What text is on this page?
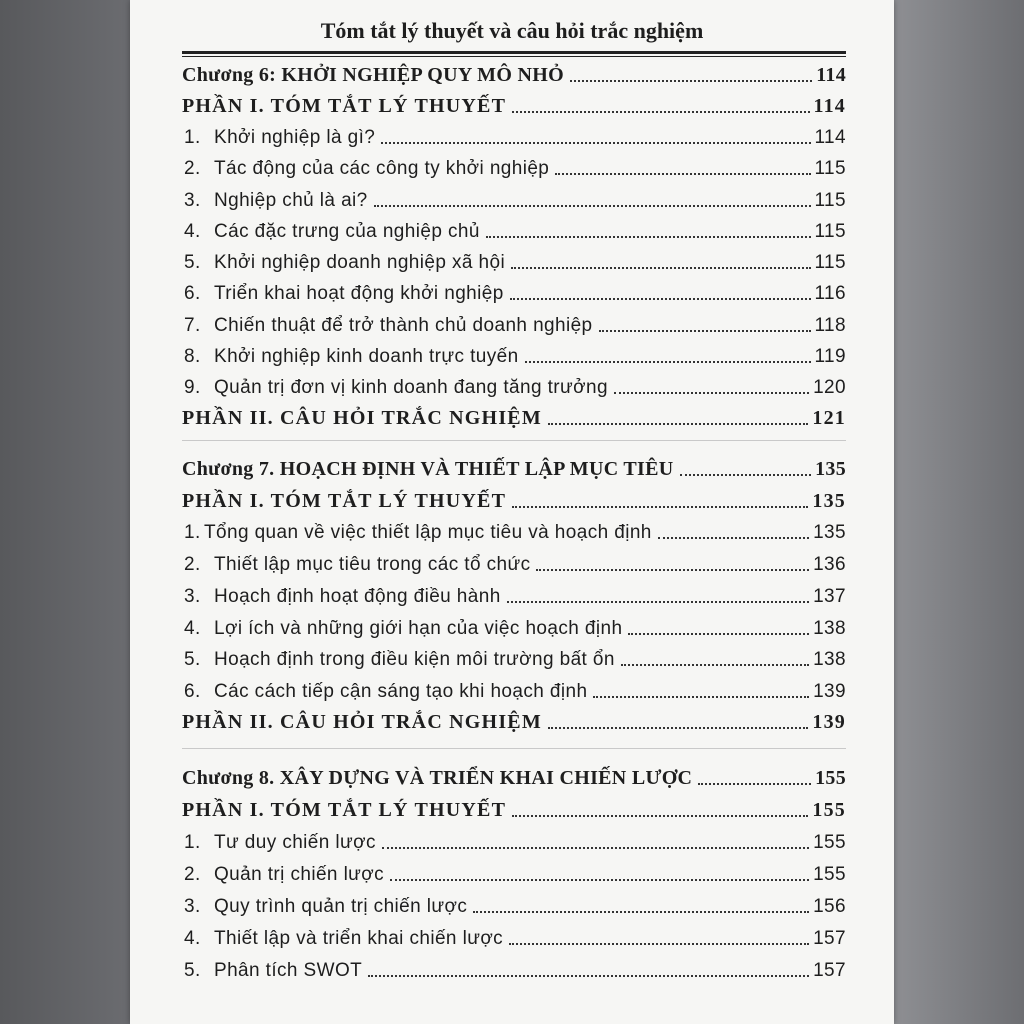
Tóm tắt lý thuyết và câu hỏi trắc nghiệm
Chương 6: KHỞI NGHIỆP QUY MÔ NHỎ	114
PHẦN I. TÓM TẮT LÝ THUYẾT	114
1. Khởi nghiệp là gì?	114
2. Tác động của các công ty khởi nghiệp	115
3. Nghiệp chủ là ai?	115
4. Các đặc trưng của nghiệp chủ	115
5. Khởi nghiệp doanh nghiệp xã hội	115
6. Triển khai hoạt động khởi nghiệp	116
7. Chiến thuật để trở thành chủ doanh nghiệp	118
8. Khởi nghiệp kinh doanh trực tuyến	119
9. Quản trị đơn vị kinh doanh đang tăng trưởng	120
PHẦN II. CÂU HỎI TRẮC NGHIỆM	121
Chương 7. HOẠCH ĐỊNH VÀ THIẾT LẬP MỤC TIÊU	135
PHẦN I. TÓM TẮT LÝ THUYẾT	135
1. Tổng quan về việc thiết lập mục tiêu và hoạch định	135
2. Thiết lập mục tiêu trong các tổ chức	136
3. Hoạch định hoạt động điều hành	137
4. Lợi ích và những giới hạn của việc hoạch định	138
5. Hoạch định trong điều kiện môi trường bất ổn	138
6. Các cách tiếp cận sáng tạo khi hoạch định	139
PHẦN II. CÂU HỎI TRẮC NGHIỆM	139
Chương 8. XÂY DỰNG VÀ TRIỂN KHAI CHIẾN LƯỢC	155
PHẦN I. TÓM TẮT LÝ THUYẾT	155
1. Tư duy chiến lược	155
2. Quản trị chiến lược	155
3. Quy trình quản trị chiến lược	156
4. Thiết lập và triển khai chiến lược	157
5. Phân tích SWOT	157
